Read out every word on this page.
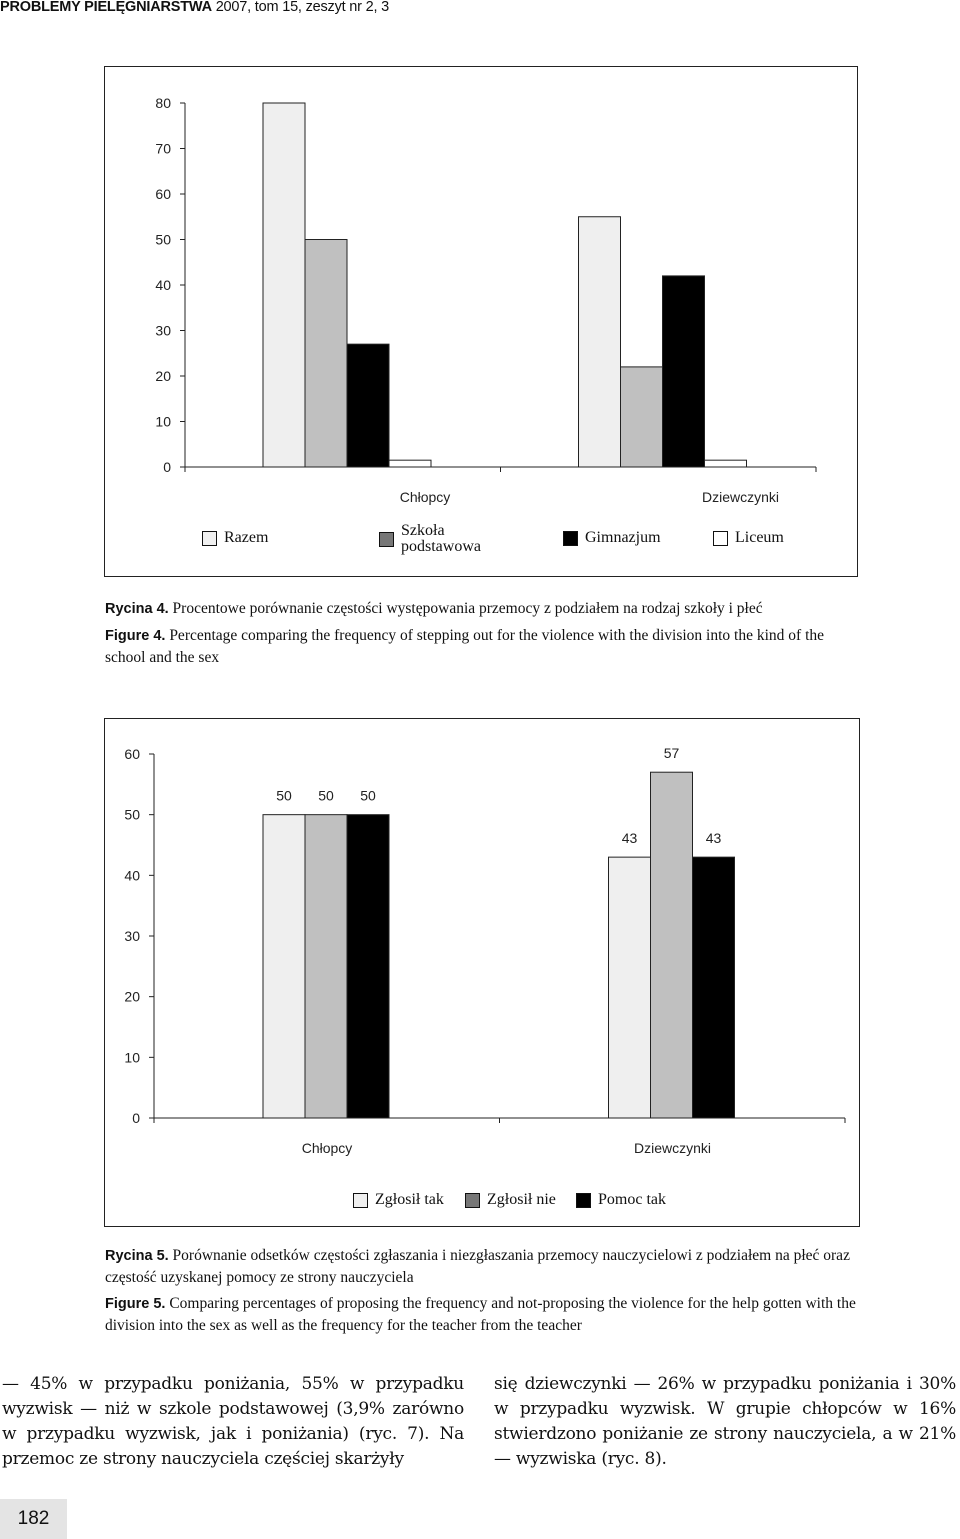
PROBLEMY PIELĘGNIARSTWA 2007, tom 15, zeszyt nr 2, 3
0
10
20
30
40
50
60
70
80
Chłopcy	Dziewczynki
Razem	Szkoła podstawowa
Gimnazjum	Liceum
Rycina 4. Procentowe porównanie częstości występowania przemocy z podziałem na rodzaj szkoły i płeć
Figure 4. Percentage comparing the frequency of stepping out for the violence with the division into the kind of the school and the sex
0
10
20
30
40
50
60
50 50 50
Chłopcy
43
57
43
Dziewczynki
Zgłosił tak	Zgłosił nie	Pomoc tak
Rycina 5. Porównanie odsetków częstości zgłaszania i niezgłaszania przemocy nauczycielowi z podziałem na płeć oraz częstość uzyskanej pomocy ze strony nauczyciela
Figure 5. Comparing percentages of proposing the frequency and not-proposing the violence for the help gotten with the division into the sex as well as the frequency for the teacher from the teacher
— 45% w przypadku poniżania, 55% w przypadku wyzwisk — niż w szkole podstawowej (3,9% zarówno w przypadku wyzwisk, jak i poniżania) (ryc. 7). Na przemoc ze strony nauczyciela częściej skarżyły
się dziewczynki — 26% w przypadku poniżania i 30% w przypadku wyzwisk. W grupie chłopców w 16% stwierdzono poniżanie ze strony nauczyciela, a w 21% — wyzwiska (ryc. 8).
182
